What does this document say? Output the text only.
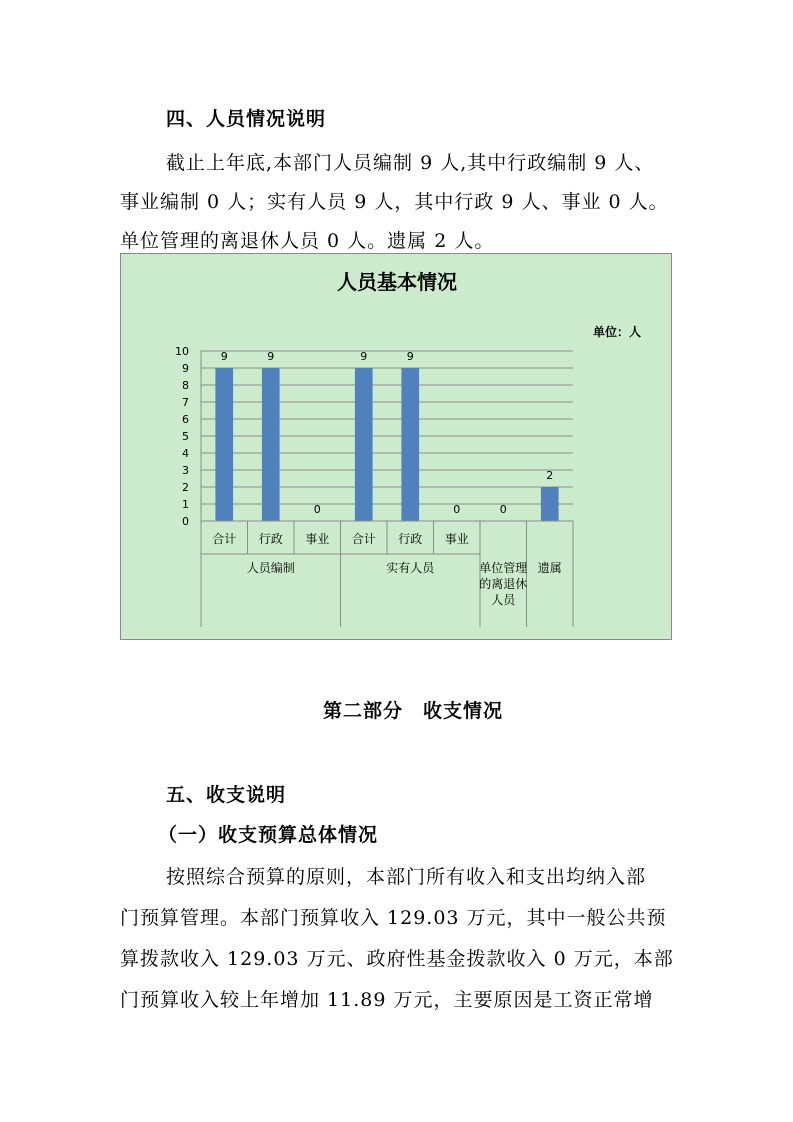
四、人员情况说明
截止上年底,本部门人员编制 9 人,其中行政编制 9 人、
事业编制 0 人；实有人员 9 人，其中行政 9 人、事业 0 人。
单位管理的离退休人员 0 人。遗属 2 人。
人员基本情况
单位：人
0
1
2
3
4
5
6
7
8
9
10	9	9
0
9	9
0	0
2
合计 行政 事业 合计 行政 事业
单位管理的离退休人员
遗属
人员编制	实有人员
第二部分　收支情况
五、收支说明
（一）收支预算总体情况
按照综合预算的原则，本部门所有收入和支出均纳入部
门预算管理。本部门预算收入 129.03 万元，其中一般公共预
算拨款收入 129.03 万元、政府性基金拨款收入 0 万元，本部
门预算收入较上年增加 11.89 万元，主要原因是工资正常增
